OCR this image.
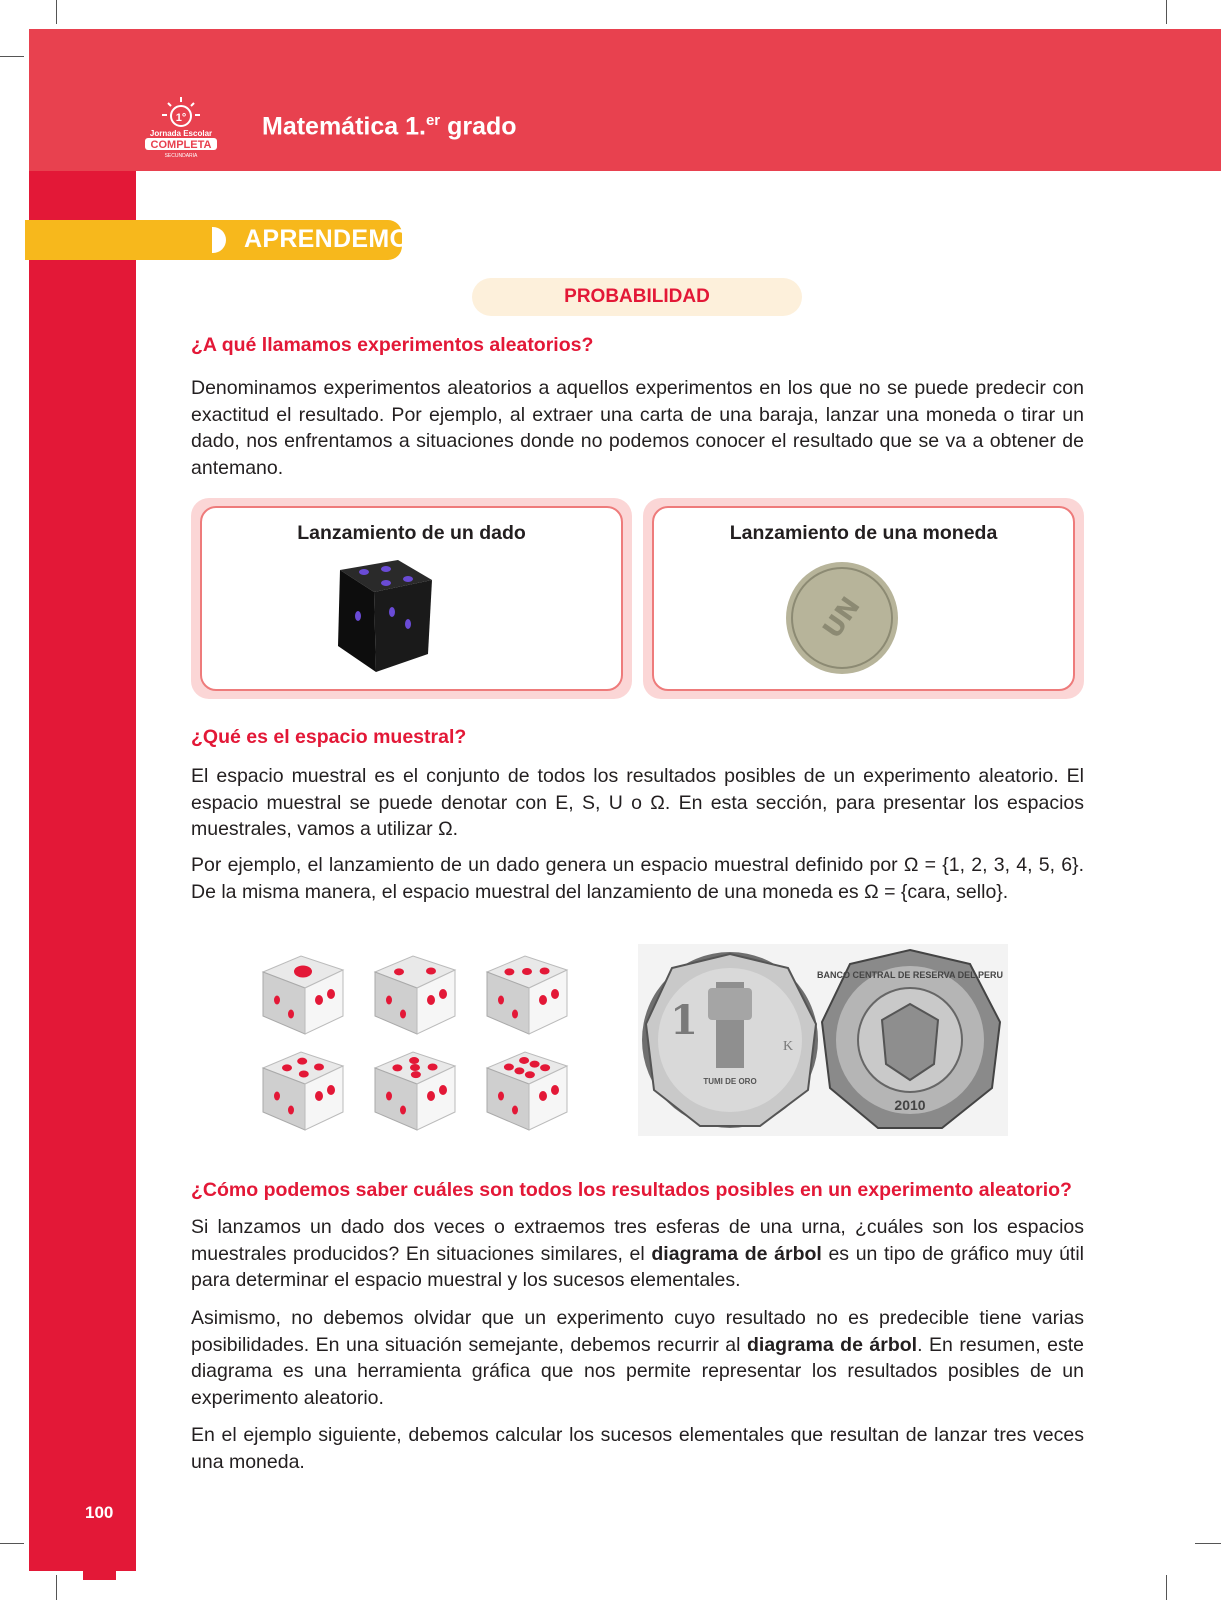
1°
Jornada Escolar
COMPLETA
SECUNDARIA
Matemática 1.$^{er}$ grado
APRENDEMOS
PROBABILIDAD
¿A qué llamamos experimentos aleatorios?

Denominamos experimentos aleatorios a aquellos experimentos en los que no se puede predecir con exactitud el resultado. Por ejemplo, al extraer una carta de una baraja, lanzar una moneda o tirar un dado, nos enfrentamos a situaciones donde no podemos conocer el resultado que se va a obtener de antemano.

Lanzamiento de un dado	Lanzamiento de una moneda
UN
¿Qué es el espacio muestral?

El espacio muestral es el conjunto de todos los resultados posibles de un experimento aleatorio. El espacio muestral se puede denotar con E, S, U o Ω. En esta sección, para presentar los espacios muestrales, vamos a utilizar Ω.

Por ejemplo, el lanzamiento de un dado genera un espacio muestral definido por Ω = {1, 2, 3, 4, 5, 6}. De la misma manera, el espacio muestral del lanzamiento de una moneda es Ω = {cara, sello}.

1
TUMI DE ORO
K
BANCO CENTRAL DE RESERVA DEL PERU
2010
¿Cómo podemos saber cuáles son todos los resultados posibles en un experimento aleatorio?

Si lanzamos un dado dos veces o extraemos tres esferas de una urna, ¿cuáles son los espacios muestrales producidos? En situaciones similares, el diagrama de árbol es un tipo de gráfico muy útil para determinar el espacio muestral y los sucesos elementales.

Asimismo, no debemos olvidar que un experimento cuyo resultado no es predecible tiene varias posibilidades. En una situación semejante, debemos recurrir al diagrama de árbol. En resumen, este diagrama es una herramienta gráfica que nos permite representar los resultados posibles de un experimento aleatorio.

En el ejemplo siguiente, debemos calcular los sucesos elementales que resultan de lanzar tres veces una moneda.

100
